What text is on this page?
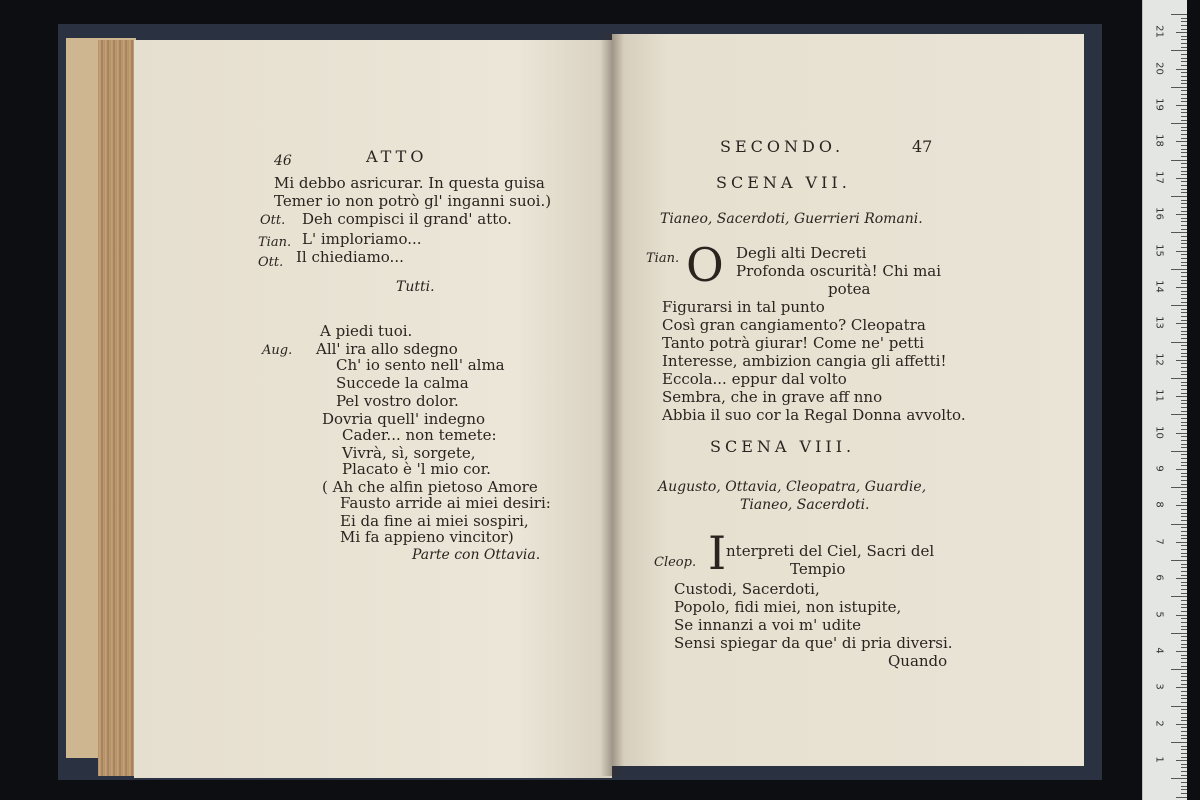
46	ATTO
Mi debbo asricurar. In questa guisa
Temer io non potrò gl' inganni suoi.)
Ott. Deh compisci il grand' atto.
Tian. L' imploriamo...
Ott. Il chiediamo...
Tutti.
Aug.
A piedi tuoi.
All' ira allo sdegno
Ch' io sento nell' alma
Succede la calma
Pel vostro dolor.
Dovria quell' indegno
Cader... non temete:
Vivrà, sì, sorgete,
Placato è 'l mio cor.
( Ah che alfin pietoso Amore
Fausto arride ai miei desiri:
Ei da fine ai miei sospiri,
Mi fa appieno vincitor)
Parte con Ottavia.
SECONDO.	47
SCENA VII.
Tianeo, Sacerdoti, Guerrieri Romani.
Tian. O Degli alti Decreti
Profonda oscurità! Chi mai
potea
Figurarsi in tal punto
Così gran cangiamento? Cleopatra
Tanto potrà giurar! Come ne' petti
Interesse, ambizion cangia gli affetti!
Eccola... eppur dal volto
Sembra, che in grave aff nno
Abbia il suo cor la Regal Donna avvolto.
SCENA VIII.
Augusto, Ottavia, Cleopatra, Guardie,
Tianeo, Sacerdoti.
Cleop. I nterpreti del Ciel, Sacri del
Tempio
Custodi, Sacerdoti,
Popolo, fidi miei, non istupite,
Se innanzi a voi m' udite
Sensi spiegar da que' di pria diversi.
Quando
21
20
19
18
17
16
15
14
13
12
11
10
9
8
7
6
5
4
3
2
1
